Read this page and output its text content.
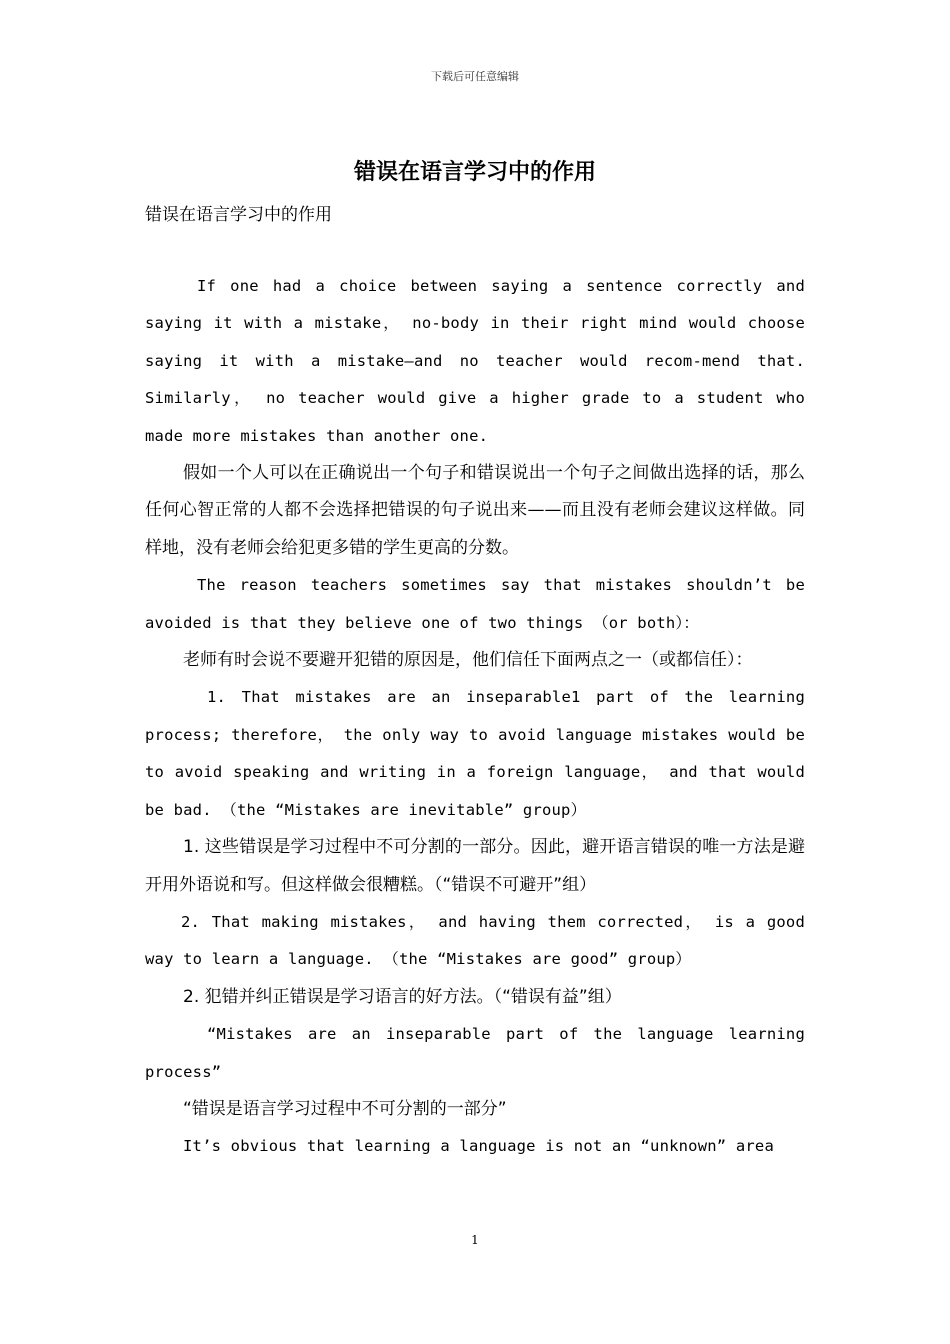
下载后可任意编辑
错误在语言学习中的作用
错误在语言学习中的作用

If one had a choice between saying a sentence correctly and saying it with a mistake， no-body in their right mind would choose saying it with a mistake—and no teacher would recom-mend that. Similarly， no teacher would give a higher grade to a student who made more mistakes than another one.

假如一个人可以在正确说出一个句子和错误说出一个句子之间做出选择的话，那么任何心智正常的人都不会选择把错误的句子说出来——而且没有老师会建议这样做。同样地，没有老师会给犯更多错的学生更高的分数。

The reason teachers sometimes say that mistakes shouldn’t be avoided is that they believe one of two things （or both）：

老师有时会说不要避开犯错的原因是，他们信任下面两点之一（或都信任）：

1. That mistakes are an inseparable1 part of the learning process; therefore， the only way to avoid language mistakes would be to avoid speaking and writing in a foreign language， and that would be bad. （the “Mistakes are inevitable” group）

1. 这些错误是学习过程中不可分割的一部分。因此，避开语言错误的唯一方法是避开用外语说和写。但这样做会很糟糕。（“错误不可避开”组）

2. That making mistakes， and having them corrected， is a good way to learn a language. （the “Mistakes are good” group）

2. 犯错并纠正错误是学习语言的好方法。（“错误有益”组）

“Mistakes are an inseparable part of the language learning process”

“错误是语言学习过程中不可分割的一部分”

It’s obvious that learning a language is not an “unknown” area

1
